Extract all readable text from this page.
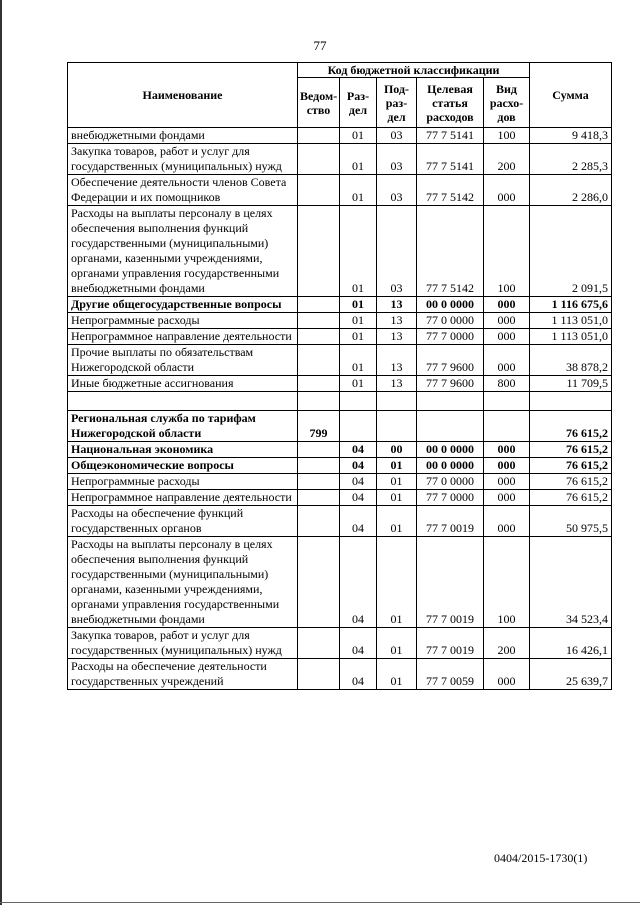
77
Наименование	Код бюджетной классификации					Сумма
	Ведом-ство	Раз-дел	Под-раз-дел	Целевая статья расходов	Вид расхо-дов	
внебюджетными фондами		01	03	77 7 5141	100	9 418,3
Закупка товаров, работ и услуг для государственных (муниципальных) нужд		01	03	77 7 5141	200	2 285,3
Обеспечение деятельности членов Совета Федерации и их помощников		01	03	77 7 5142	000	2 286,0
Расходы на выплаты персоналу в целях обеспечения выполнения функций государственными (муниципальными) органами, казенными учреждениями, органами управления государственными внебюджетными фондами		01	03	77 7 5142	100	2 091,5
Другие общегосударственные вопросы		01	13	00 0 0000	000	1 116 675,6
Непрограммные расходы		01	13	77 0 0000	000	1 113 051,0
Непрограммное направление деятельности		01	13	77 7 0000	000	1 113 051,0
Прочие выплаты по обязательствам Нижегородской области		01	13	77 7 9600	000	38 878,2
Иные бюджетные ассигнования		01	13	77 7 9600	800	11 709,5

Региональная служба по тарифам Нижегородской области	799					76 615,2
Национальная экономика		04	00	00 0 0000	000	76 615,2
Общеэкономические вопросы		04	01	00 0 0000	000	76 615,2
Непрограммные расходы		04	01	77 0 0000	000	76 615,2
Непрограммное направление деятельности		04	01	77 7 0000	000	76 615,2
Расходы на обеспечение функций государственных органов		04	01	77 7 0019	000	50 975,5
Расходы на выплаты персоналу в целях обеспечения выполнения функций государственными (муниципальными) органами, казенными учреждениями, органами управления государственными внебюджетными фондами		04	01	77 7 0019	100	34 523,4
Закупка товаров, работ и услуг для государственных (муниципальных) нужд		04	01	77 7 0019	200	16 426,1
Расходы на обеспечение деятельности государственных учреждений		04	01	77 7 0059	000	25 639,7
0404/2015-1730(1)
